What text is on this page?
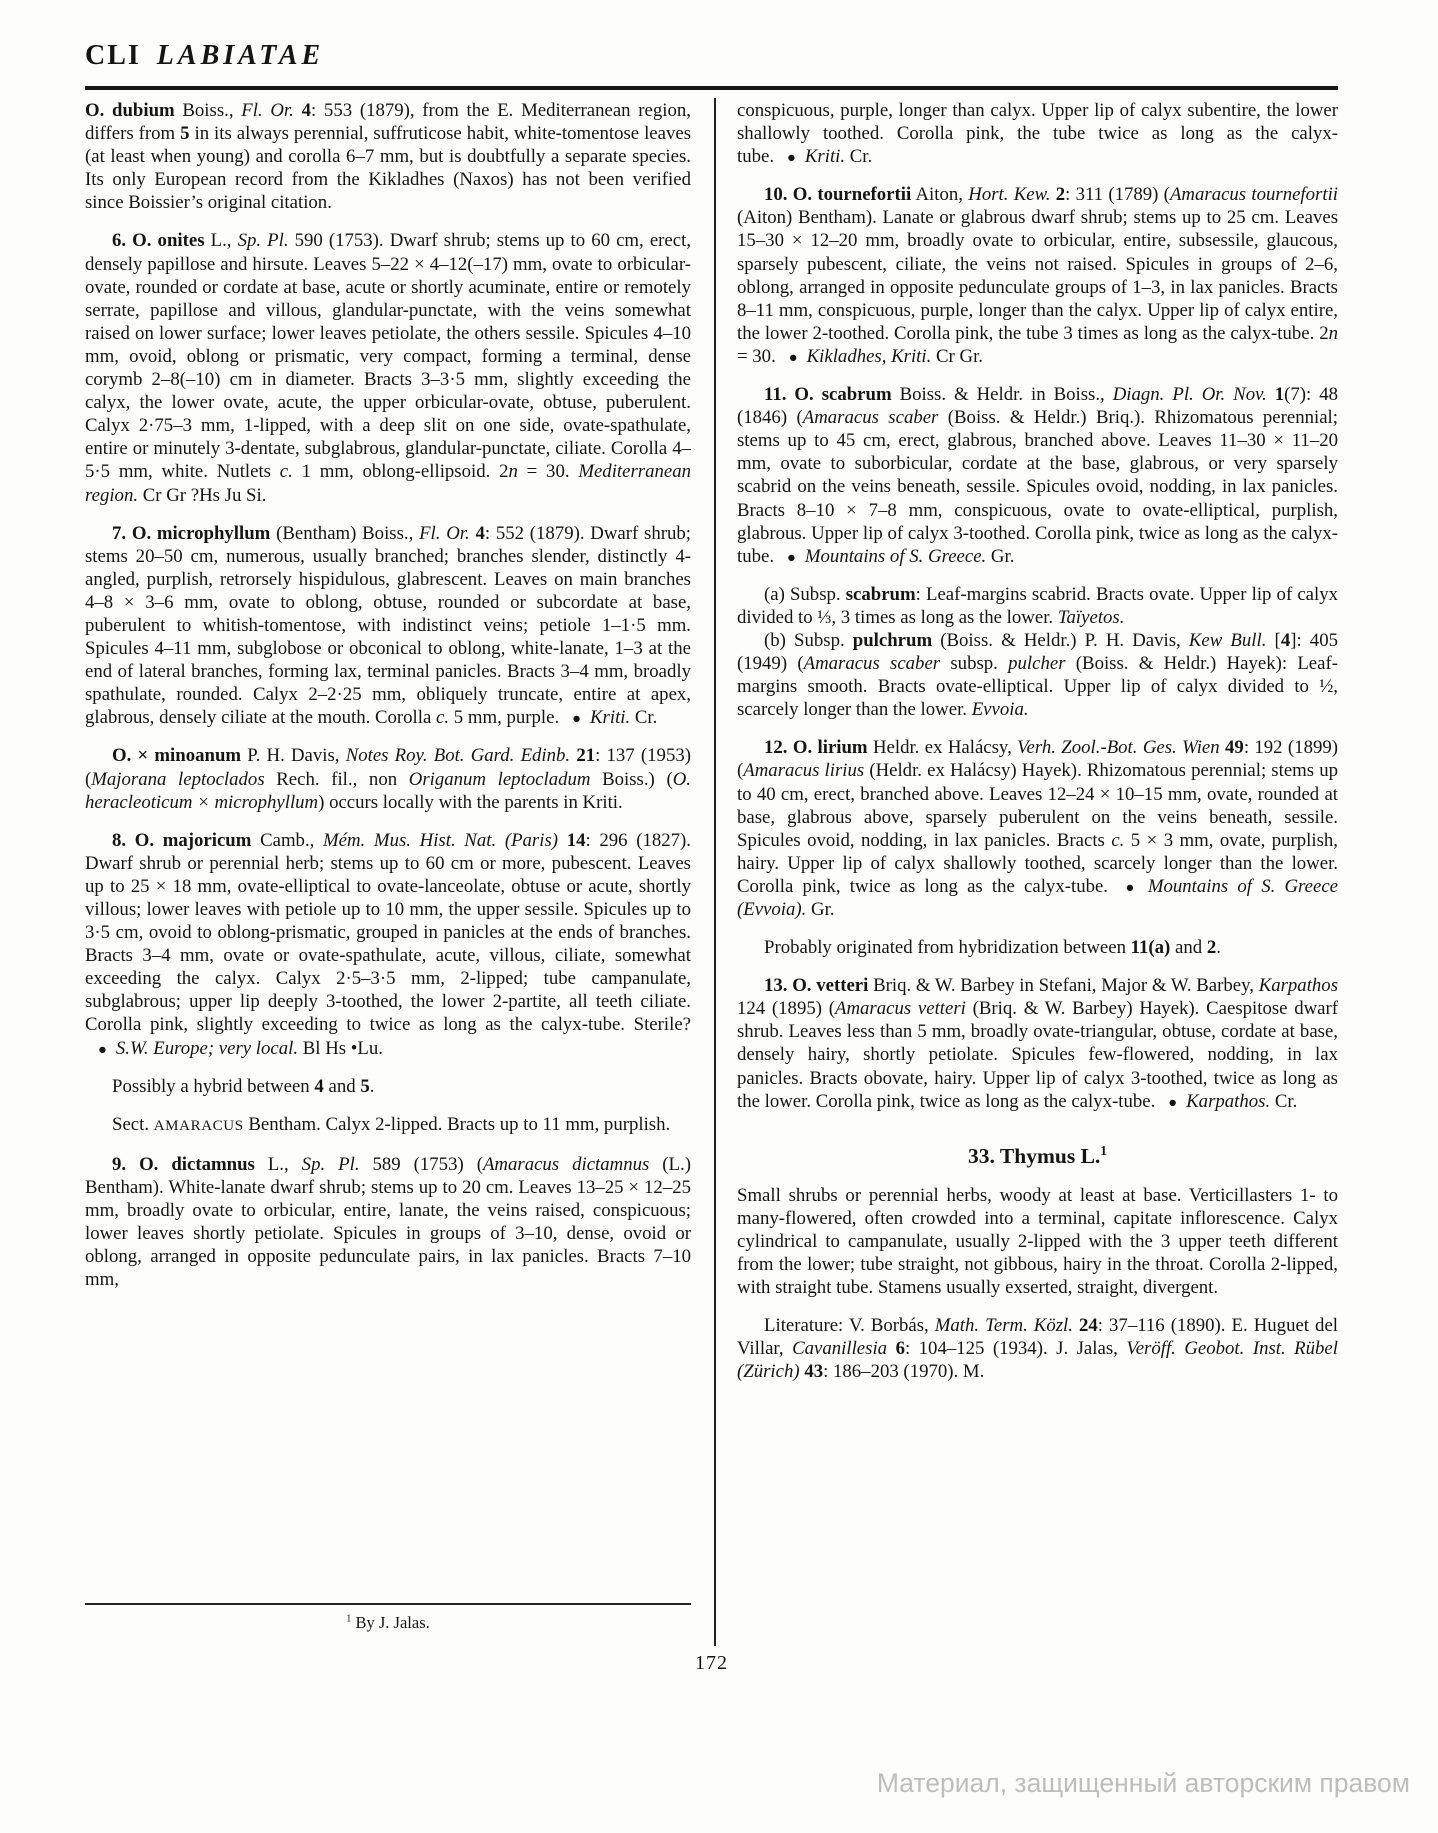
CLI LABIATAE

O. dubium Boiss., Fl. Or. 4: 553 (1879), from the E. Mediterranean region, differs from 5 in its always perennial, suffruticose habit, white-tomentose leaves (at least when young) and corolla 6–7 mm, but is doubtfully a separate species. Its only European record from the Kikladhes (Naxos) has not been verified since Boissier’s original citation.

6. O. onites L., Sp. Pl. 590 (1753). Dwarf shrub; stems up to 60 cm, erect, densely papillose and hirsute. Leaves 5–22 × 4–12(–17) mm, ovate to orbicular-ovate, rounded or cordate at base, acute or shortly acuminate, entire or remotely serrate, papillose and villous, glandular-punctate, with the veins somewhat raised on lower surface; lower leaves petiolate, the others sessile. Spicules 4–10 mm, ovoid, oblong or prismatic, very compact, forming a terminal, dense corymb 2–8(–10) cm in diameter. Bracts 3–3·5 mm, slightly exceeding the calyx, the lower ovate, acute, the upper orbicular-ovate, obtuse, puberulent. Calyx 2·75–3 mm, 1-lipped, with a deep slit on one side, ovate-spathulate, entire or minutely 3-dentate, subglabrous, glandular-punctate, ciliate. Corolla 4–5·5 mm, white. Nutlets c. 1 mm, oblong-ellipsoid. 2n = 30. Mediterranean region. Cr Gr ?Hs Ju Si.

7. O. microphyllum (Bentham) Boiss., Fl. Or. 4: 552 (1879). Dwarf shrub; stems 20–50 cm, numerous, usually branched; branches slender, distinctly 4-angled, purplish, retrorsely hispidulous, glabrescent. Leaves on main branches 4–8 × 3–6 mm, ovate to oblong, obtuse, rounded or subcordate at base, puberulent to whitish-tomentose, with indistinct veins; petiole 1–1·5 mm. Spicules 4–11 mm, subglobose or obconical to oblong, white-lanate, 1–3 at the end of lateral branches, forming lax, terminal panicles. Bracts 3–4 mm, broadly spathulate, rounded. Calyx 2–2·25 mm, obliquely truncate, entire at apex, glabrous, densely ciliate at the mouth. Corolla c. 5 mm, purple. ● Kriti. Cr.

O. × minoanum P. H. Davis, Notes Roy. Bot. Gard. Edinb. 21: 137 (1953) (Majorana leptoclados Rech. fil., non Origanum leptocladum Boiss.) (O. heracleoticum × microphyllum) occurs locally with the parents in Kriti.

8. O. majoricum Camb., Mém. Mus. Hist. Nat. (Paris) 14: 296 (1827). Dwarf shrub or perennial herb; stems up to 60 cm or more, pubescent. Leaves up to 25 × 18 mm, ovate-elliptical to ovate-lanceolate, obtuse or acute, shortly villous; lower leaves with petiole up to 10 mm, the upper sessile. Spicules up to 3·5 cm, ovoid to oblong-prismatic, grouped in panicles at the ends of branches. Bracts 3–4 mm, ovate or ovate-spathulate, acute, villous, ciliate, somewhat exceeding the calyx. Calyx 2·5–3·5 mm, 2-lipped; tube campanulate, subglabrous; upper lip deeply 3-toothed, the lower 2-partite, all teeth ciliate. Corolla pink, slightly exceeding to twice as long as the calyx-tube. Sterile?● S.W. Europe; very local. Bl Hs •Lu.

Possibly a hybrid between 4 and 5.

Sect. AMARACUS Bentham. Calyx 2-lipped. Bracts up to 11 mm, purplish.

9. O. dictamnus L., Sp. Pl. 589 (1753) (Amaracus dictamnus (L.) Bentham). White-lanate dwarf shrub; stems up to 20 cm. Leaves 13–25 × 12–25 mm, broadly ovate to orbicular, entire, lanate, the veins raised, conspicuous; lower leaves shortly petiolate. Spicules in groups of 3–10, dense, ovoid or oblong, arranged in opposite pedunculate pairs, in lax panicles. Bracts 7–10 mm,

conspicuous, purple, longer than calyx. Upper lip of calyx subentire, the lower shallowly toothed. Corolla pink, the tube twice as long as the calyx-tube. ● Kriti. Cr.

10. O. tournefortii Aiton, Hort. Kew. 2: 311 (1789) (Amaracus tournefortii (Aiton) Bentham). Lanate or glabrous dwarf shrub; stems up to 25 cm. Leaves 15–30 × 12–20 mm, broadly ovate to orbicular, entire, subsessile, glaucous, sparsely pubescent, ciliate, the veins not raised. Spicules in groups of 2–6, oblong, arranged in opposite pedunculate groups of 1–3, in lax panicles. Bracts 8–11 mm, conspicuous, purple, longer than the calyx. Upper lip of calyx entire, the lower 2-toothed. Corolla pink, the tube 3 times as long as the calyx-tube. 2n = 30. ● Kikladhes, Kriti. Cr Gr.

11. O. scabrum Boiss. & Heldr. in Boiss., Diagn. Pl. Or. Nov. 1(7): 48 (1846) (Amaracus scaber (Boiss. & Heldr.) Briq.). Rhizomatous perennial; stems up to 45 cm, erect, glabrous, branched above. Leaves 11–30 × 11–20 mm, ovate to suborbicular, cordate at the base, glabrous, or very sparsely scabrid on the veins beneath, sessile. Spicules ovoid, nodding, in lax panicles. Bracts 8–10 × 7–8 mm, conspicuous, ovate to ovate-elliptical, purplish, glabrous. Upper lip of calyx 3-toothed. Corolla pink, twice as long as the calyx-tube. ● Mountains of S. Greece. Gr.

(a) Subsp. scabrum: Leaf-margins scabrid. Bracts ovate. Upper lip of calyx divided to ⅓, 3 times as long as the lower. Taïyetos.

(b) Subsp. pulchrum (Boiss. & Heldr.) P. H. Davis, Kew Bull. [4]: 405 (1949) (Amaracus scaber subsp. pulcher (Boiss. & Heldr.) Hayek): Leaf-margins smooth. Bracts ovate-elliptical. Upper lip of calyx divided to ½, scarcely longer than the lower. Evvoia.

12. O. lirium Heldr. ex Halácsy, Verh. Zool.-Bot. Ges. Wien 49: 192 (1899) (Amaracus lirius (Heldr. ex Halácsy) Hayek). Rhizomatous perennial; stems up to 40 cm, erect, branched above. Leaves 12–24 × 10–15 mm, ovate, rounded at base, glabrous above, sparsely puberulent on the veins beneath, sessile. Spicules ovoid, nodding, in lax panicles. Bracts c. 5 × 3 mm, ovate, purplish, hairy. Upper lip of calyx shallowly toothed, scarcely longer than the lower. Corolla pink, twice as long as the calyx-tube. ● Mountains of S. Greece (Evvoia). Gr.

Probably originated from hybridization between 11(a) and 2.

13. O. vetteri Briq. & W. Barbey in Stefani, Major & W. Barbey, Karpathos 124 (1895) (Amaracus vetteri (Briq. & W. Barbey) Hayek). Caespitose dwarf shrub. Leaves less than 5 mm, broadly ovate-triangular, obtuse, cordate at base, densely hairy, shortly petiolate. Spicules few-flowered, nodding, in lax panicles. Bracts obovate, hairy. Upper lip of calyx 3-toothed, twice as long as the lower. Corolla pink, twice as long as the calyx-tube. ● Karpathos. Cr.

33. Thymus L.$^1$

Small shrubs or perennial herbs, woody at least at base. Verticillasters 1- to many-flowered, often crowded into a terminal, capitate inflorescence. Calyx cylindrical to campanulate, usually 2-lipped with the 3 upper teeth different from the lower; tube straight, not gibbous, hairy in the throat. Corolla 2-lipped, with straight tube. Stamens usually exserted, straight, divergent.

Literature: V. Borbás, Math. Term. Közl. 24: 37–116 (1890). E. Huguet del Villar, Cavanillesia 6: 104–125 (1934). J. Jalas, Veröff. Geobot. Inst. Rübel (Zürich) 43: 186–203 (1970). M.

$^1$ By J. Jalas.
172
Материал, защищенный авторским правом
